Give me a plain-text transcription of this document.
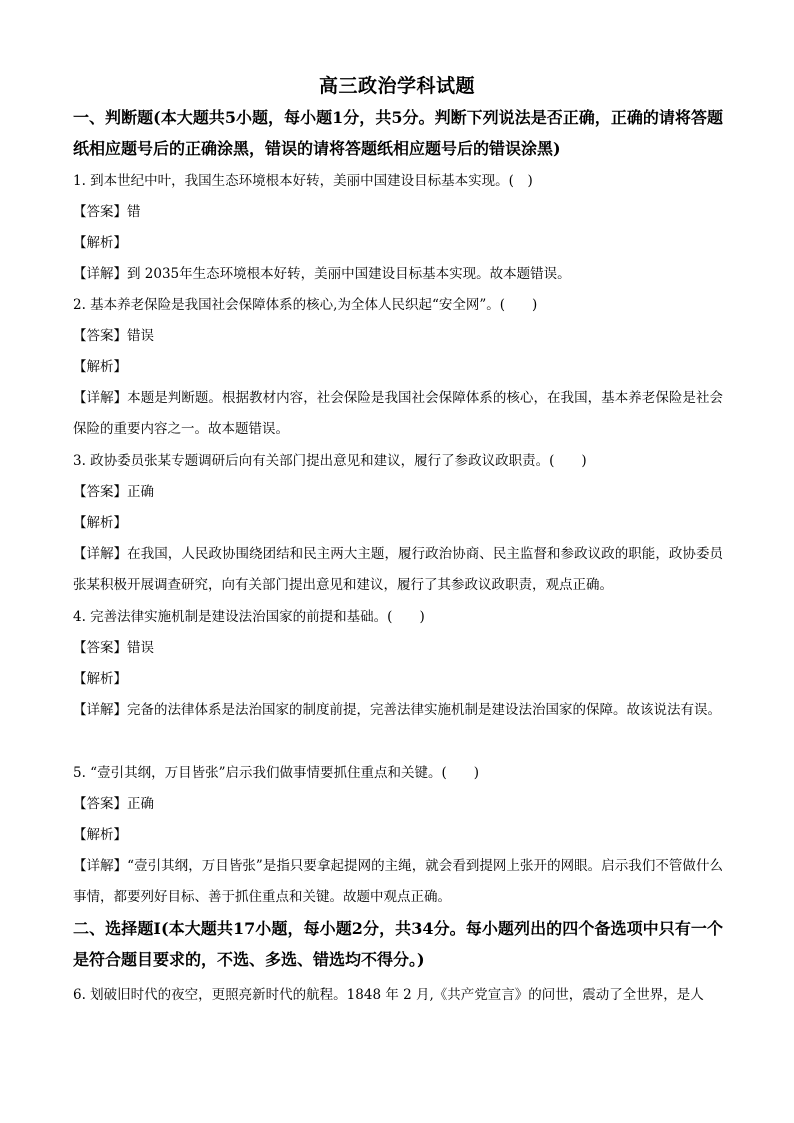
高三政治学科试题
一、判断题(本大题共5小题，每小题1分，共5分。判断下列说法是否正确，正确的请将答题纸相应题号后的正确涂黑，错误的请将答题纸相应题号后的错误涂黑)
1. 到本世纪中叶，我国生态环境根本好转，美丽中国建设目标基本实现。(　)
【答案】错
【解析】
【详解】到 2035年生态环境根本好转，美丽中国建设目标基本实现。故本题错误。
2. 基本养老保险是我国社会保障体系的核心,为全体人民织起“安全网”。(　　)
【答案】错误
【解析】
【详解】本题是判断题。根据教材内容，社会保险是我国社会保障体系的核心，在我国，基本养老保险是社会保险的重要内容之一。故本题错误。
3. 政协委员张某专题调研后向有关部门提出意见和建议，履行了参政议政职责。(　　)
【答案】正确
【解析】
【详解】在我国，人民政协围绕团结和民主两大主题，履行政治协商、民主监督和参政议政的职能，政协委员张某积极开展调查研究，向有关部门提出意见和建议，履行了其参政议政职责，观点正确。
4. 完善法律实施机制是建设法治国家的前提和基础。(　　)
【答案】错误
【解析】
【详解】完备的法律体系是法治国家的制度前提，完善法律实施机制是建设法治国家的保障。故该说法有误。
5. “壹引其纲，万目皆张”启示我们做事情要抓住重点和关键。(　　)
【答案】正确
【解析】
【详解】“壹引其纲，万目皆张”是指只要拿起提网的主绳，就会看到提网上张开的网眼。启示我们不管做什么事情，都要列好目标、善于抓住重点和关键。故题中观点正确。
二、选择题Ⅰ(本大题共17小题，每小题2分，共34分。每小题列出的四个备选项中只有一个是符合题目要求的，不选、多选、错选均不得分。)
6. 划破旧时代的夜空，更照亮新时代的航程。1848 年 2 月,《共产党宣言》的问世，震动了全世界，是人
